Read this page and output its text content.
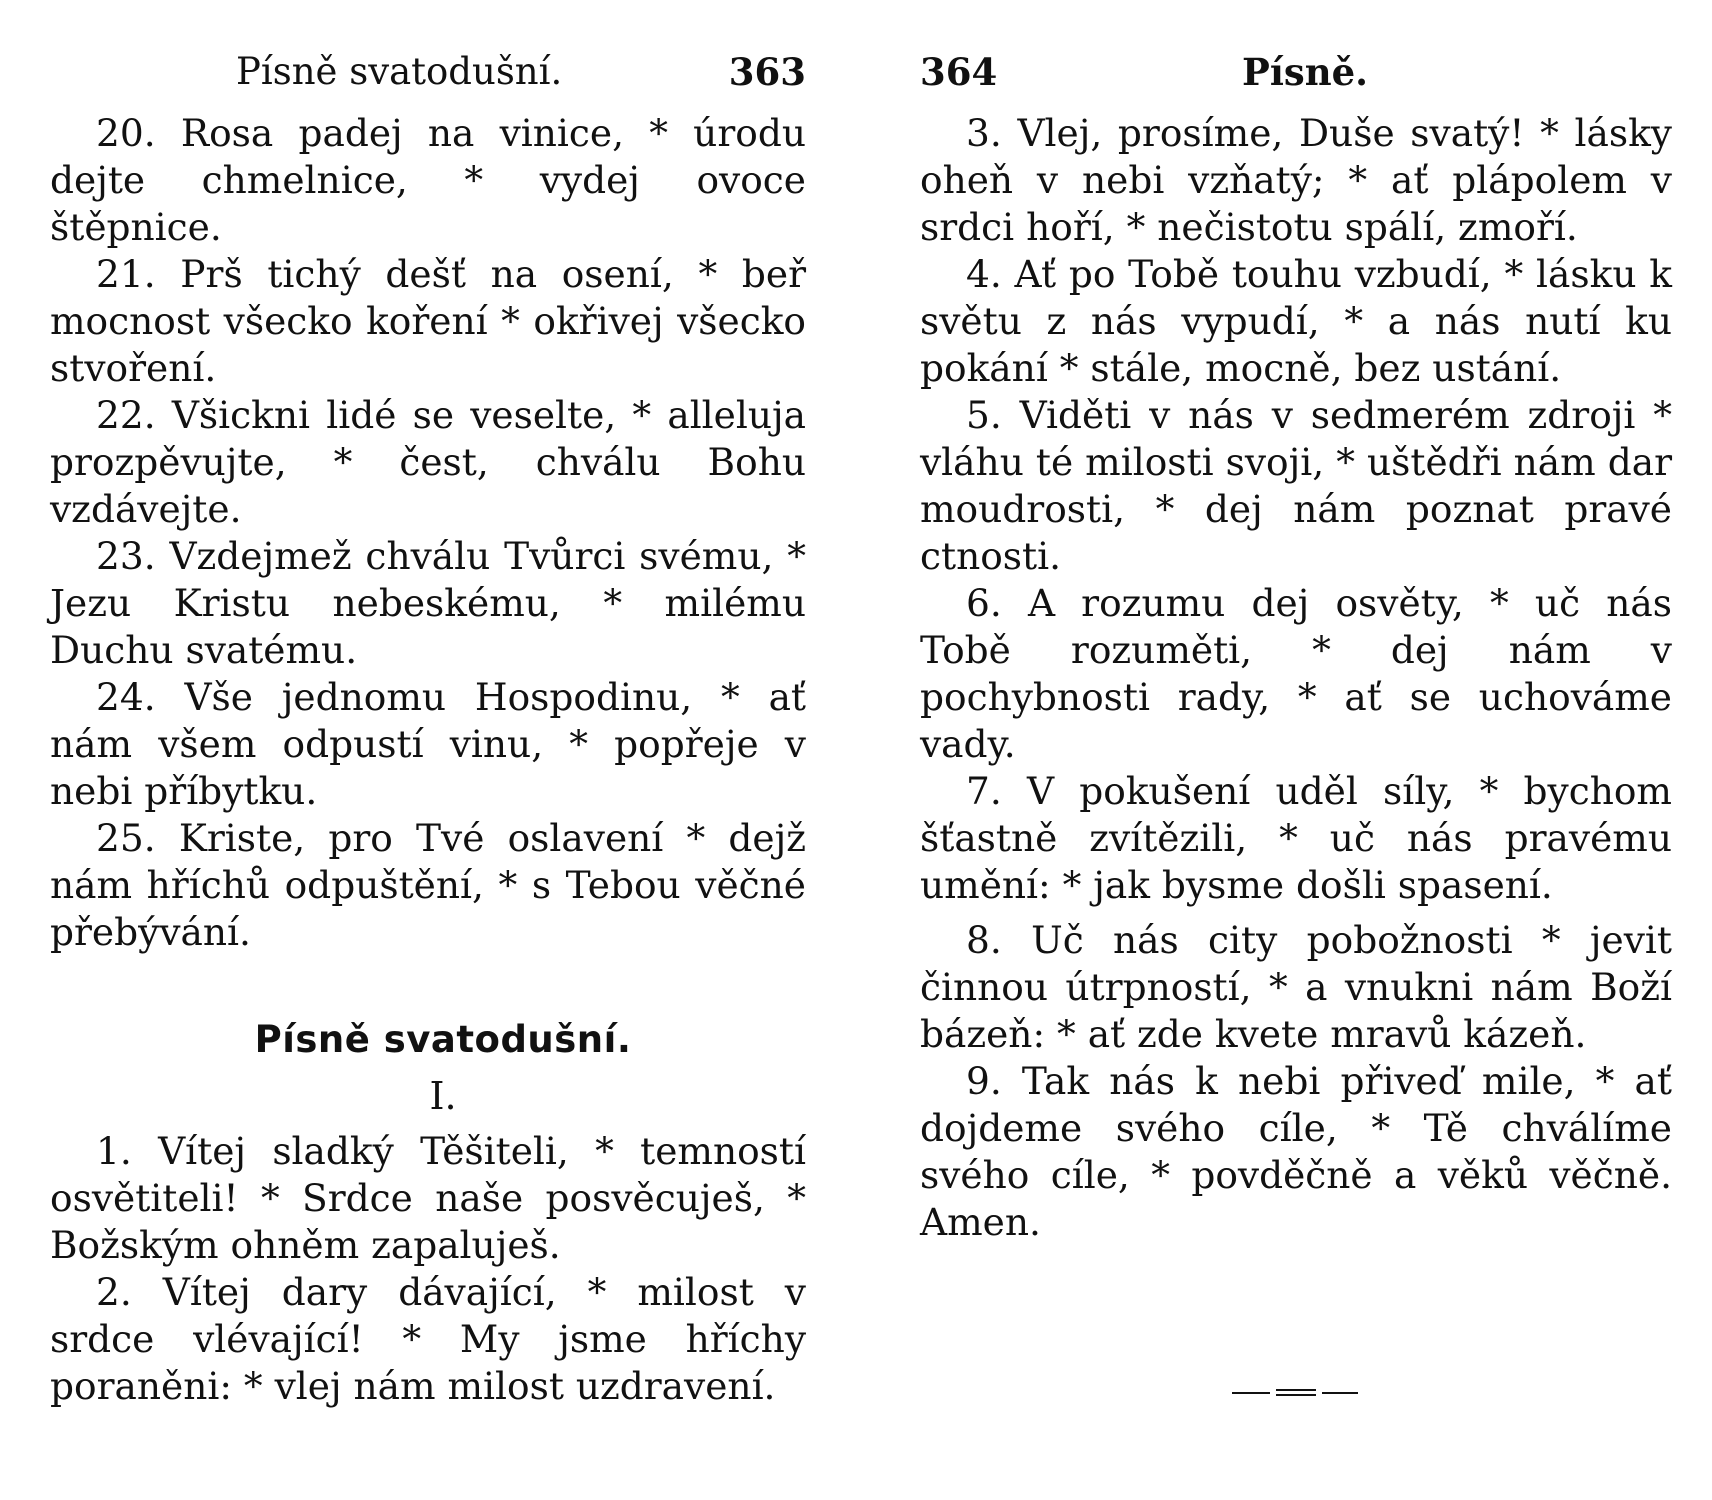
Písně svatodušní.	363

20. Rosa padej na vinice, * úrodu dejte chmelnice, * vydej ovoce štěpnice.

21. Prš tichý dešť na osení, * beř mocnost všecko koření * okřivej všecko stvoření.

22. Všickni lidé se veselte, * alleluja prozpěvujte, * čest, chválu Bohu vzdávejte.

23. Vzdejmež chválu Tvůrci svému, * Jezu Kristu nebeskému, * milému Duchu svatému.

24. Vše jednomu Hospodinu, * ať nám všem odpustí vinu, * popřeje v nebi příbytku.

25. Kriste, pro Tvé oslavení * dejž nám hříchů odpuštění, * s Tebou věčné přebývání.

Písně svatodušní.
I.

1. Vítej sladký Těšiteli, * temností osvětiteli! * Srdce naše posvěcuješ, * Božským ohněm zapaluješ.

2. Vítej dary dávající, * milost v srdce vlévající! * My jsme hříchy poraněni: * vlej nám milost uzdravení.

364	Písně.

3. Vlej, prosíme, Duše svatý! * lásky oheň v nebi vzňatý; * ať plápolem v srdci hoří, * nečistotu spálí, zmoří.

4. Ať po Tobě touhu vzbudí, * lásku k světu z nás vypudí, * a nás nutí ku pokání * stále, mocně, bez ustání.

5. Viděti v nás v sedmerém zdroji * vláhu té milosti svoji, * uštědři nám dar moudrosti, * dej nám poznat pravé ctnosti.

6. A rozumu dej osvěty, * uč nás Tobě rozuměti, * dej nám v pochybnosti rady, * ať se uchováme vady.

7. V pokušení uděl síly, * bychom šťastně zvítězili, * uč nás pravému umění: * jak bysme došli spasení.

8. Uč nás city pobožnosti * jevit činnou útrpností, * a vnukni nám Boží bázeň: * ať zde kvete mravů kázeň.

9. Tak nás k nebi přiveď mile, * ať dojdeme svého cíle, * Tě chválíme svého cíle, * povděčně a věků věčně. Amen.
